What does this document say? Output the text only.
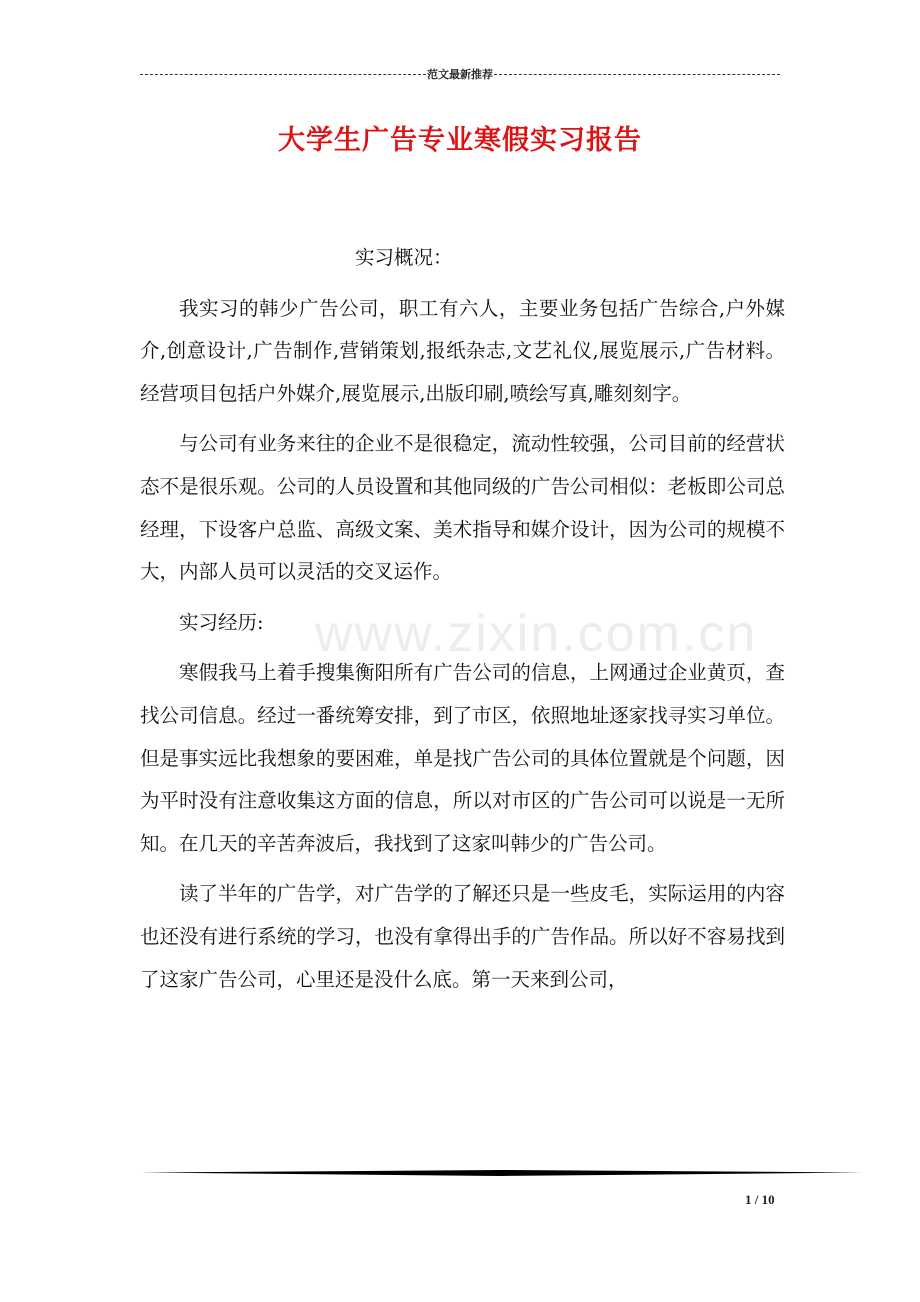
范文最新推荐
大学生广告专业寒假实习报告

实习概况：

我实习的韩少广告公司，职工有六人，主要业务包括广告综合,户外媒介,创意设计,广告制作,营销策划,报纸杂志,文艺礼仪,展览展示,广告材料。经营项目包括户外媒介,展览展示,出版印刷,喷绘写真,雕刻刻字。

与公司有业务来往的企业不是很稳定，流动性较强，公司目前的经营状态不是很乐观。公司的人员设置和其他同级的广告公司相似：老板即公司总经理，下设客户总监、高级文案、美术指导和媒介设计，因为公司的规模不大，内部人员可以灵活的交叉运作。

实习经历:

寒假我马上着手搜集衡阳所有广告公司的信息，上网通过企业黄页，查找公司信息。经过一番统筹安排，到了市区，依照地址逐家找寻实习单位。但是事实远比我想象的要困难，单是找广告公司的具体位置就是个问题，因为平时没有注意收集这方面的信息，所以对市区的广告公司可以说是一无所知。在几天的辛苦奔波后，我找到了这家叫韩少的广告公司。

读了半年的广告学，对广告学的了解还只是一些皮毛，实际运用的内容也还没有进行系统的学习，也没有拿得出手的广告作品。所以好不容易找到了这家广告公司，心里还是没什么底。第一天来到公司，

www.zixin.com.cn
1 / 10
